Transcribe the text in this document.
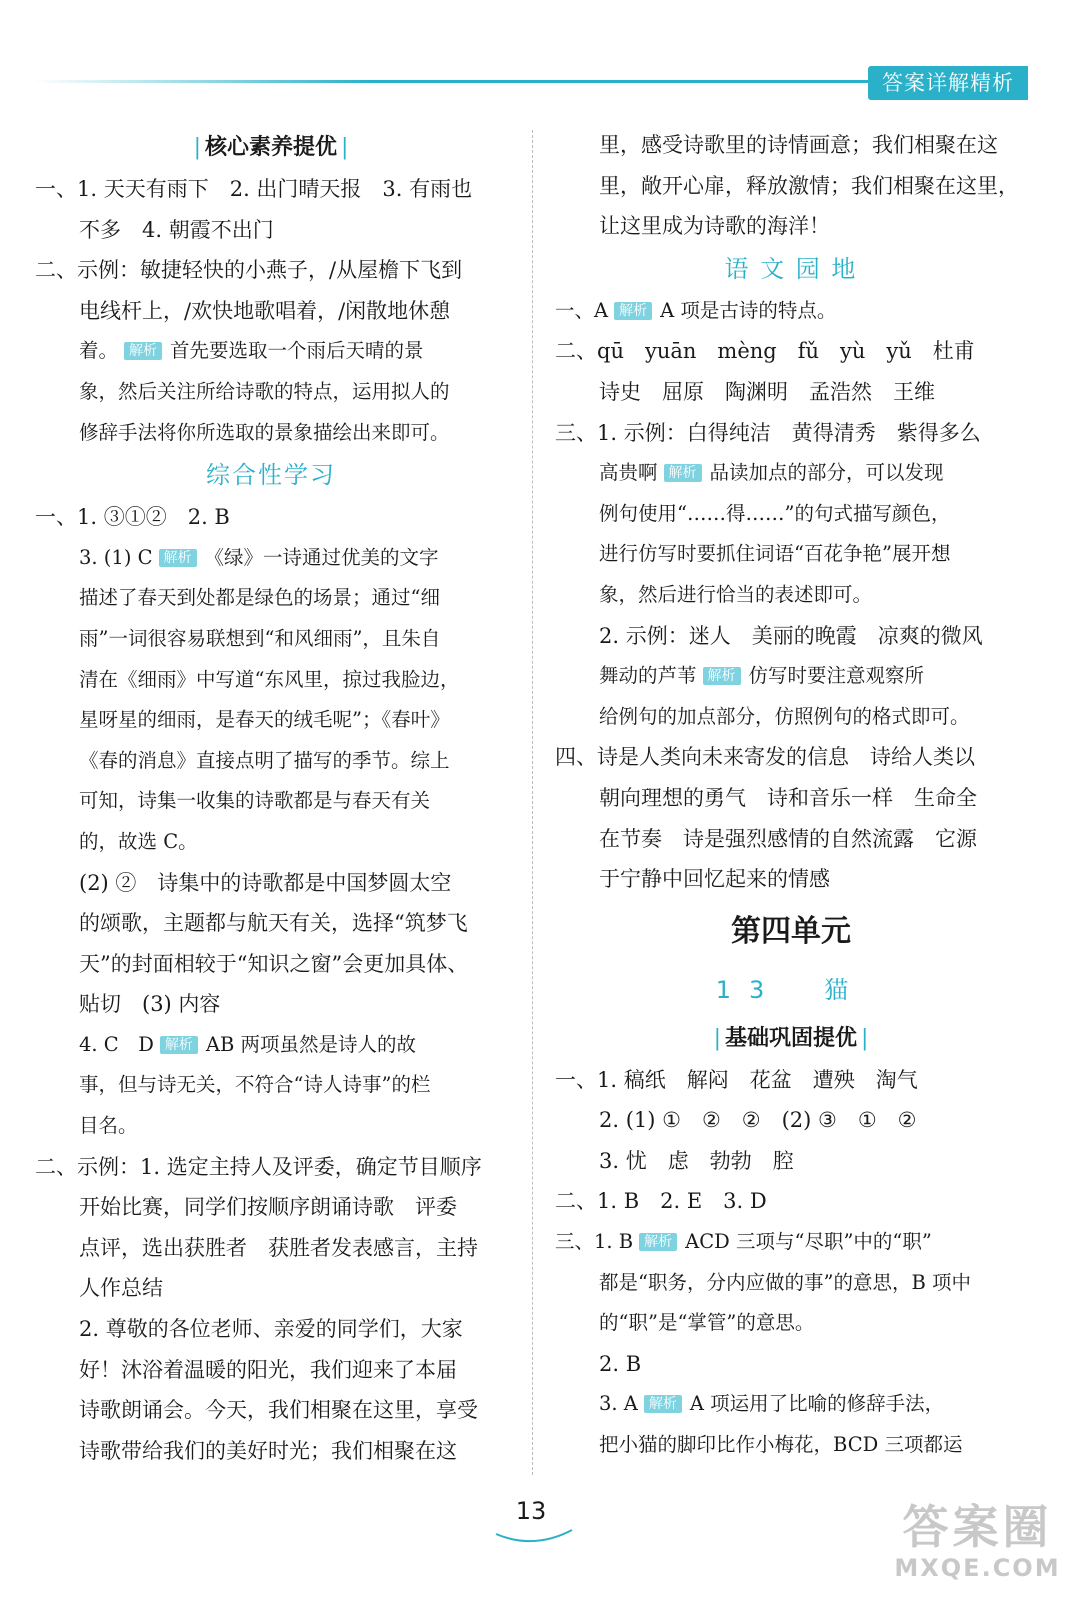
答案详解精析
| 核心素养提优 |
一、1. 天天有雨下　2. 出门晴天报　3. 有雨也
不多　4. 朝霞不出门
二、示例：敏捷轻快的小燕子，/从屋檐下飞到
电线杆上，/欢快地歌唱着，/闲散地休憩
着。 解析 首先要选取一个雨后天晴的景
象，然后关注所给诗歌的特点，运用拟人的
修辞手法将你所选取的景象描绘出来即可。
综合性学习
一、1. ③①②　2. B
3. (1) C 解析 《绿》一诗通过优美的文字
描述了春天到处都是绿色的场景；通过“细
雨”一词很容易联想到“和风细雨”，且朱自
清在《细雨》中写道“东风里，掠过我脸边，
星呀星的细雨，是春天的绒毛呢”；《春叶》
《春的消息》直接点明了描写的季节。综上
可知，诗集一收集的诗歌都是与春天有关
的，故选 C。
(2) ②　诗集中的诗歌都是中国梦圆太空
的颂歌，主题都与航天有关，选择“筑梦飞
天”的封面相较于“知识之窗”会更加具体、
贴切　(3) 内容
4. C　D 解析 AB 两项虽然是诗人的故
事，但与诗无关，不符合“诗人诗事”的栏
目名。
二、示例：1. 选定主持人及评委，确定节目顺序
开始比赛，同学们按顺序朗诵诗歌　评委
点评，选出获胜者　获胜者发表感言，主持
人作总结
2. 尊敬的各位老师、亲爱的同学们，大家
好！沐浴着温暖的阳光，我们迎来了本届
诗歌朗诵会。今天，我们相聚在这里，享受
诗歌带给我们的美好时光；我们相聚在这
里，感受诗歌里的诗情画意；我们相聚在这
里，敞开心扉，释放激情；我们相聚在这里，
让这里成为诗歌的海洋！
语 文 园 地
一、A 解析 A 项是古诗的特点。
二、qū　yuān　mèng　fǔ　yù　yǔ　杜甫
诗史　屈原　陶渊明　孟浩然　王维
三、1. 示例：白得纯洁　黄得清秀　紫得多么
高贵啊 解析 品读加点的部分，可以发现
例句使用“……得……”的句式描写颜色，
进行仿写时要抓住词语“百花争艳”展开想
象，然后进行恰当的表述即可。
2. 示例：迷人　美丽的晚霞　凉爽的微风
舞动的芦苇 解析 仿写时要注意观察所
给例句的加点部分，仿照例句的格式即可。
四、诗是人类向未来寄发的信息　诗给人类以
朝向理想的勇气　诗和音乐一样　生命全
在节奏　诗是强烈感情的自然流露　它源
于宁静中回忆起来的情感
第四单元
13　猫
| 基础巩固提优 |
一、1. 稿纸　解闷　花盆　遭殃　淘气
2. (1) ①　②　②　(2) ③　①　②
3. 忧　虑　勃勃　腔
二、1. B　2. E　3. D
三、1. B 解析 ACD 三项与“尽职”中的“职”
都是“职务，分内应做的事”的意思，B 项中
的“职”是“掌管”的意思。
2. B
3. A 解析 A 项运用了比喻的修辞手法，
把小猫的脚印比作小梅花，BCD 三项都运
13	答案圈
MXQE.COM
